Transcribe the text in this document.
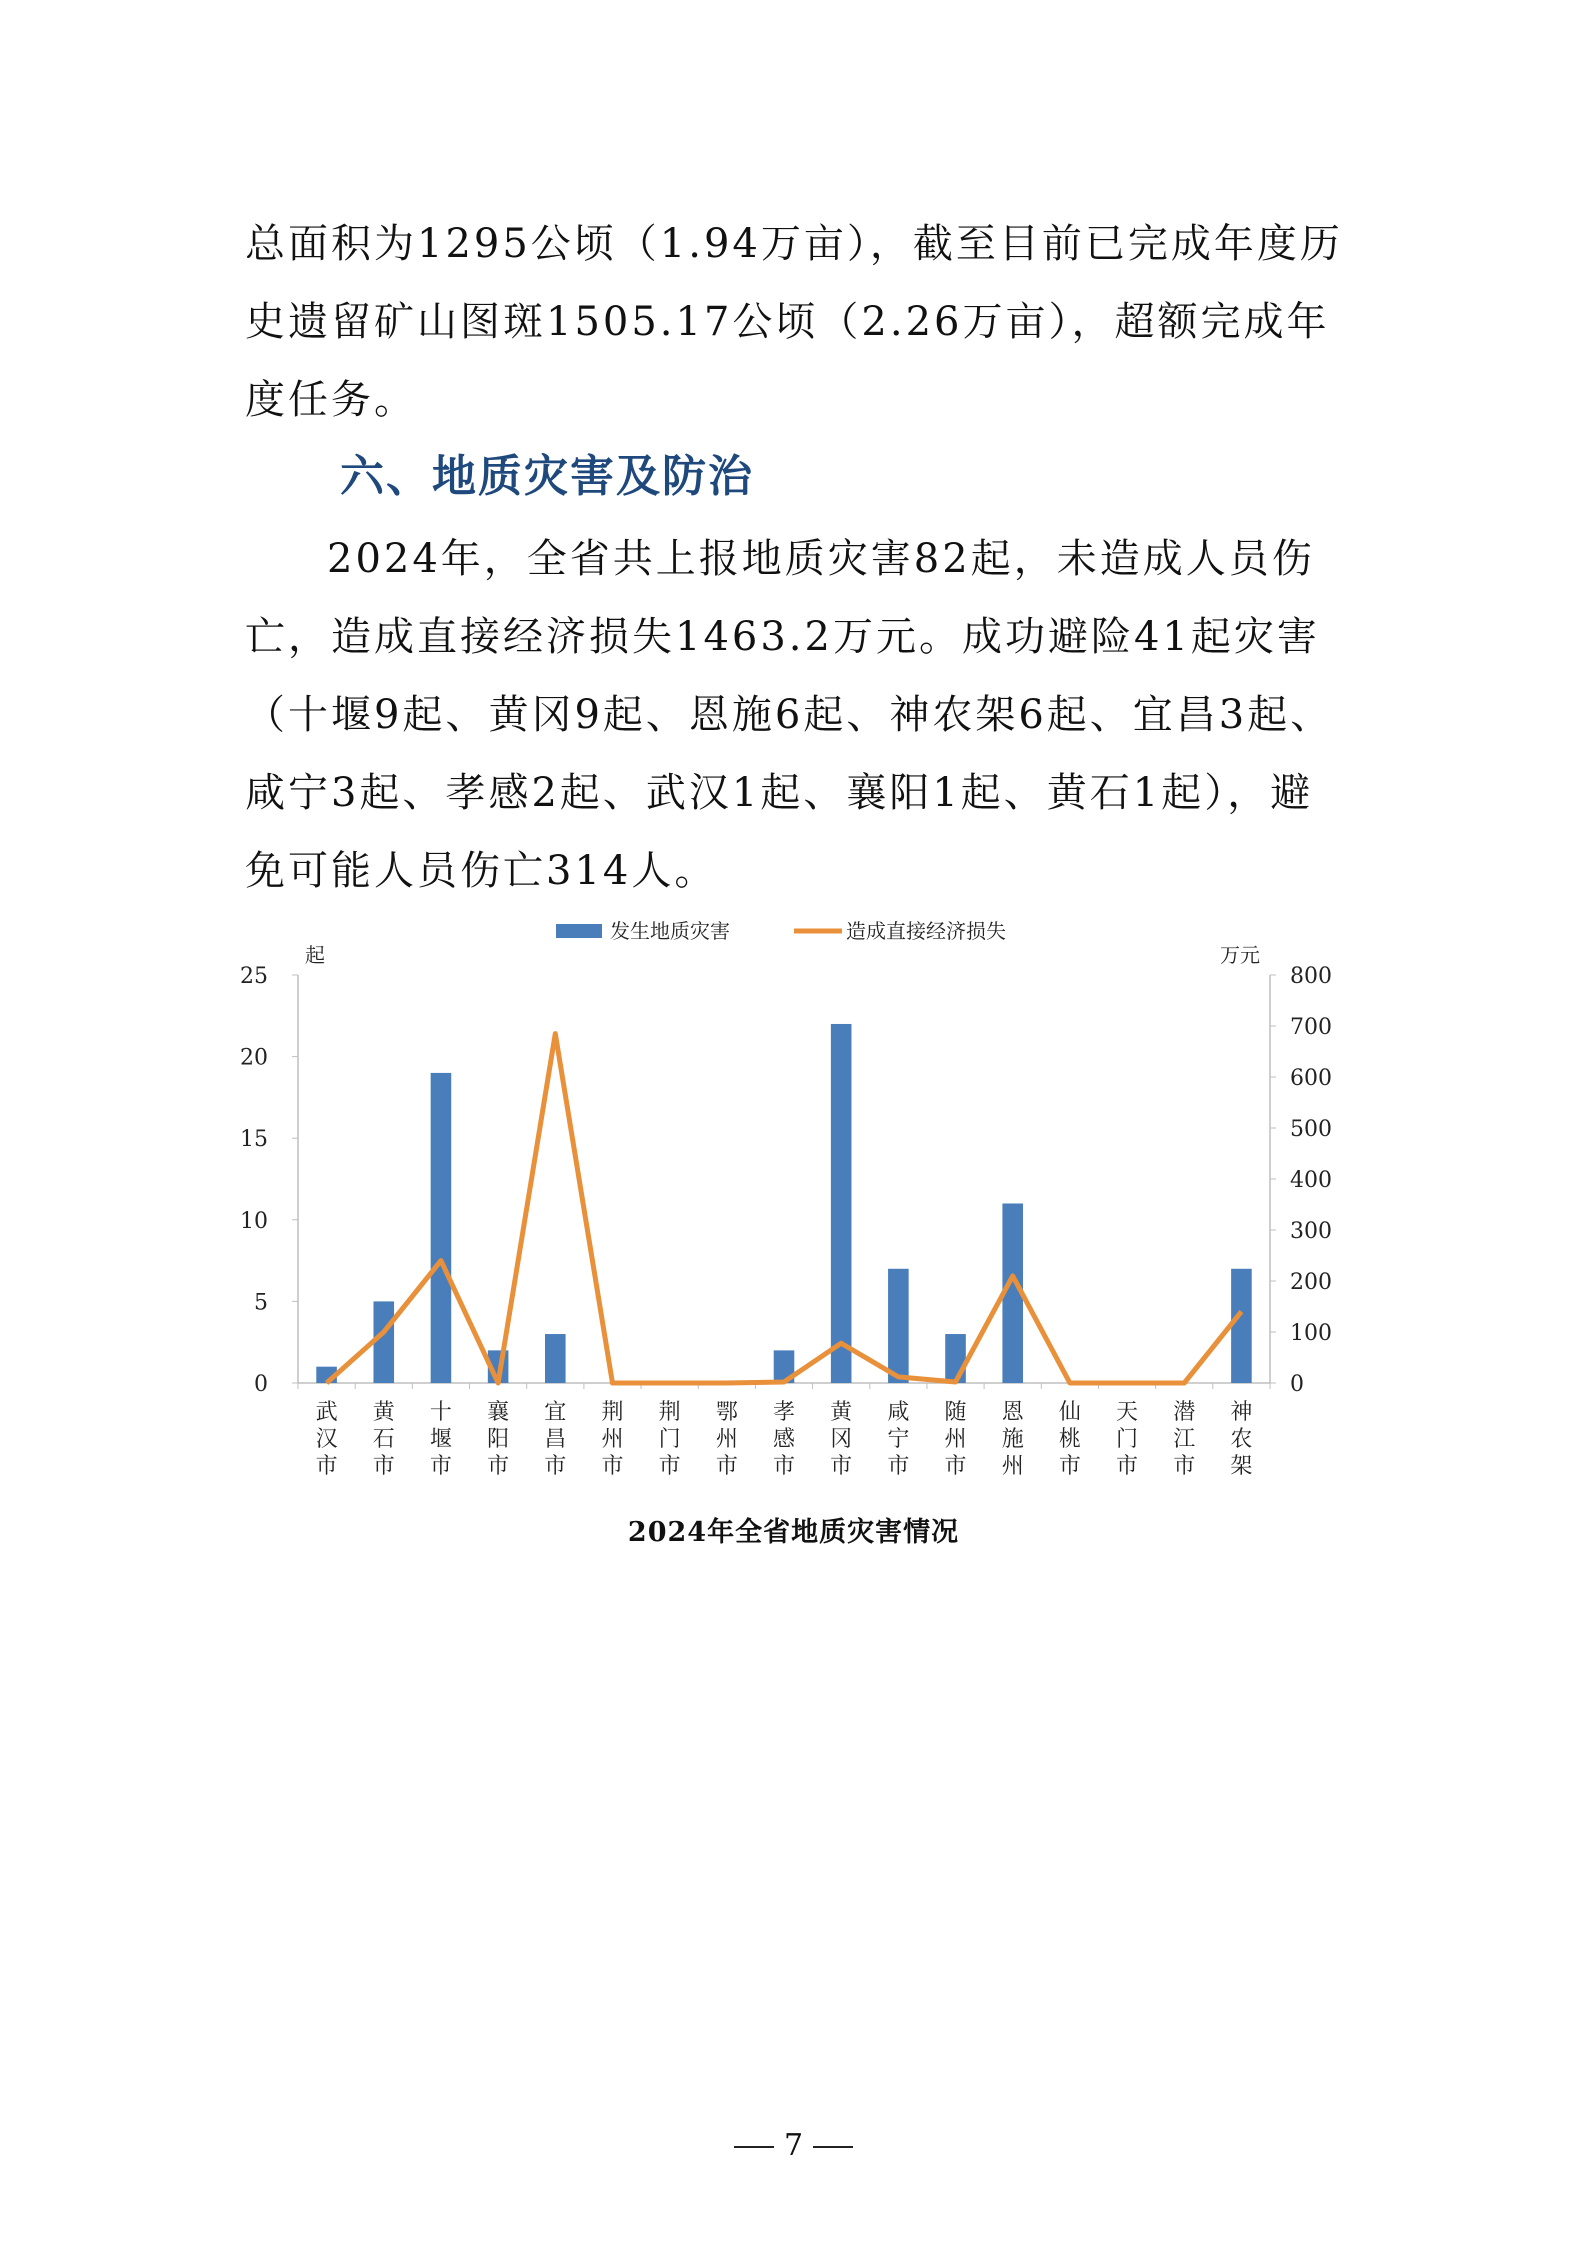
总面积为1295公顷（1.94万亩），截至目前已完成年度历史遗留矿山图斑1505.17公顷（2.26万亩），超额完成年度任务。
六、地质灾害及防治
2024年，全省共上报地质灾害82起，未造成人员伤亡，造成直接经济损失1463.2万元。成功避险41起灾害（十堰9起、黄冈9起、恩施6起、神农架6起、宜昌3起、咸宁3起、孝感2起、武汉1起、襄阳1起、黄石1起），避免可能人员伤亡314人。
发生地质灾害	造成直接经济损失
起	万元
0
5
10
15
20
25
0
100
200
300
400
500
600
700
800
武
汉
市
黄
石
市
十
堰
市
襄
阳
市
宜
昌
市
荆
州
市
荆
门
市
鄂
州
市
孝
感
市
黄
冈
市
咸
宁
市
随
州
市
恩
施
州
仙
桃
市
天
门
市
潜
江
市
神
农
架
2024年全省地质灾害情况
7
